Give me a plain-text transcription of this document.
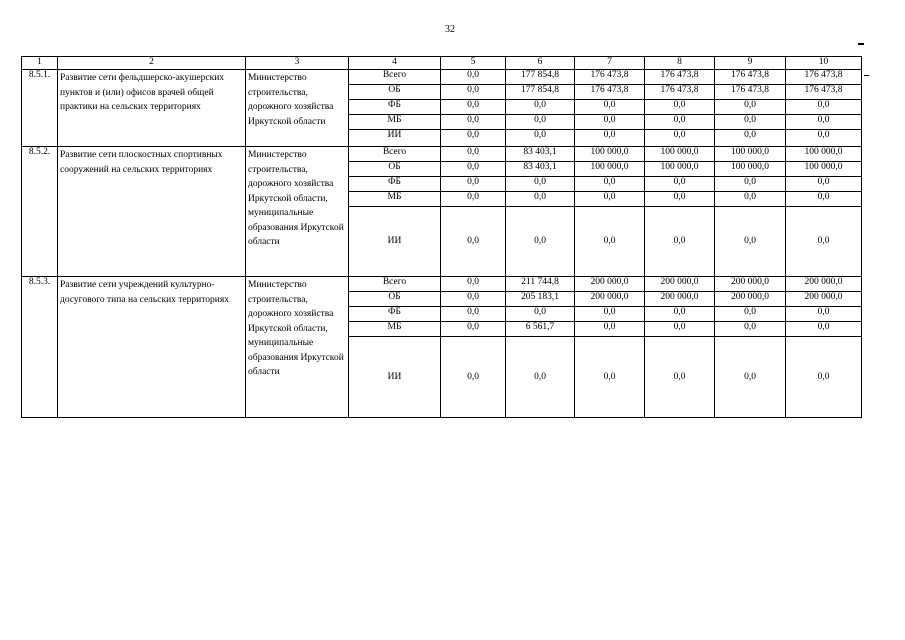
32
1	2	3	4	5	6	7	8	9	10
8.5.1.	Развитие сети фельдшерско-акушерских пунктов и (или) офисов врачей общей практики на сельских территориях	Министерство строительства, дорожного хозяйства Иркутской области	Всего	0,0	177 854,8	176 473,8	176 473,8	176 473,8	176 473,8
			ОБ	0,0	177 854,8	176 473,8	176 473,8	176 473,8	176 473,8
			ФБ	0,0	0,0	0,0	0,0	0,0	0,0
			МБ	0,0	0,0	0,0	0,0	0,0	0,0
			ИИ	0,0	0,0	0,0	0,0	0,0	0,0
8.5.2.	Развитие сети плоскостных спортивных сооружений на сельских территориях	Министерство строительства, дорожного хозяйства Иркутской области, муниципальные образования Иркутской области	Всего	0,0	83 403,1	100 000,0	100 000,0	100 000,0	100 000,0
			ОБ	0,0	83 403,1	100 000,0	100 000,0	100 000,0	100 000,0
			ФБ	0,0	0,0	0,0	0,0	0,0	0,0
			МБ	0,0	0,0	0,0	0,0	0,0	0,0
			ИИ	0,0	0,0	0,0	0,0	0,0	0,0
8.5.3.	Развитие сети учреждений культурно-досугового типа на сельских территориях	Министерство строительства, дорожного хозяйства Иркутской области, муниципальные образования Иркутской области	Всего	0,0	211 744,8	200 000,0	200 000,0	200 000,0	200 000,0
			ОБ	0,0	205 183,1	200 000,0	200 000,0	200 000,0	200 000,0
			ФБ	0,0	0,0	0,0	0,0	0,0	0,0
			МБ	0,0	6 561,7	0,0	0,0	0,0	0,0
			ИИ	0,0	0,0	0,0	0,0	0,0	0,0
